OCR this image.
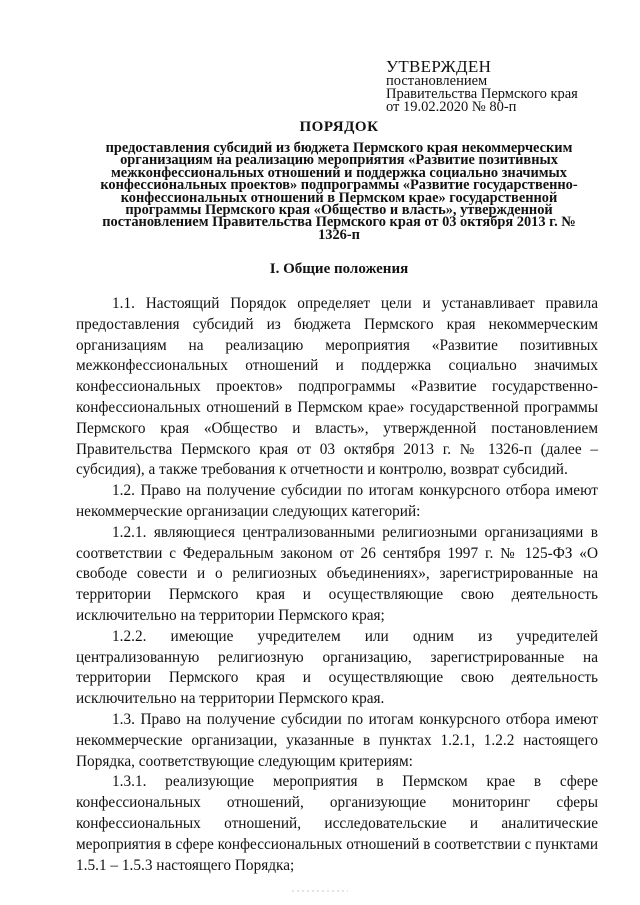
УТВЕРЖДЕН
постановлением
Правительства Пермского края
от 19.02.2020 № 80-п
ПОРЯДОК
предоставления субсидий из бюджета Пермского края некоммерческим организациям на реализацию мероприятия «Развитие позитивных межконфессиональных отношений и поддержка социально значимых конфессиональных проектов» подпрограммы «Развитие государственно-конфессиональных отношений в Пермском крае» государственной программы Пермского края «Общество и власть», утвержденной постановлением Правительства Пермского края от 03 октября 2013 г. № 1326-п
I. Общие положения

1.1. Настоящий Порядок определяет цели и устанавливает правила предоставления субсидий из бюджета Пермского края некоммерческим организациям на реализацию мероприятия «Развитие позитивных межконфессиональных отношений и поддержка социально значимых конфессиональных проектов» подпрограммы «Развитие государственно-конфессиональных отношений в Пермском крае» государственной программы Пермского края «Общество и власть», утвержденной постановлением Правительства Пермского края от 03 октября 2013 г. № 1326-п (далее – субсидия), а также требования к отчетности и контролю, возврат субсидий.

1.2. Право на получение субсидии по итогам конкурсного отбора имеют некоммерческие организации следующих категорий:

1.2.1. являющиеся централизованными религиозными организациями в соответствии с Федеральным законом от 26 сентября 1997 г. № 125-ФЗ «О свободе совести и о религиозных объединениях», зарегистрированные на территории Пермского края и осуществляющие свою деятельность исключительно на территории Пермского края;

1.2.2. имеющие учредителем или одним из учредителей централизованную религиозную организацию, зарегистрированные на территории Пермского края и осуществляющие свою деятельность исключительно на территории Пермского края.

1.3. Право на получение субсидии по итогам конкурсного отбора имеют некоммерческие организации, указанные в пунктах 1.2.1, 1.2.2 настоящего Порядка, соответствующие следующим критериям:

1.3.1. реализующие мероприятия в Пермском крае в сфере конфессиональных отношений, организующие мониторинг сферы конфессиональных отношений, исследовательские и аналитические мероприятия в сфере конфессиональных отношений в соответствии с пунктами 1.5.1 – 1.5.3 настоящего Порядка;
